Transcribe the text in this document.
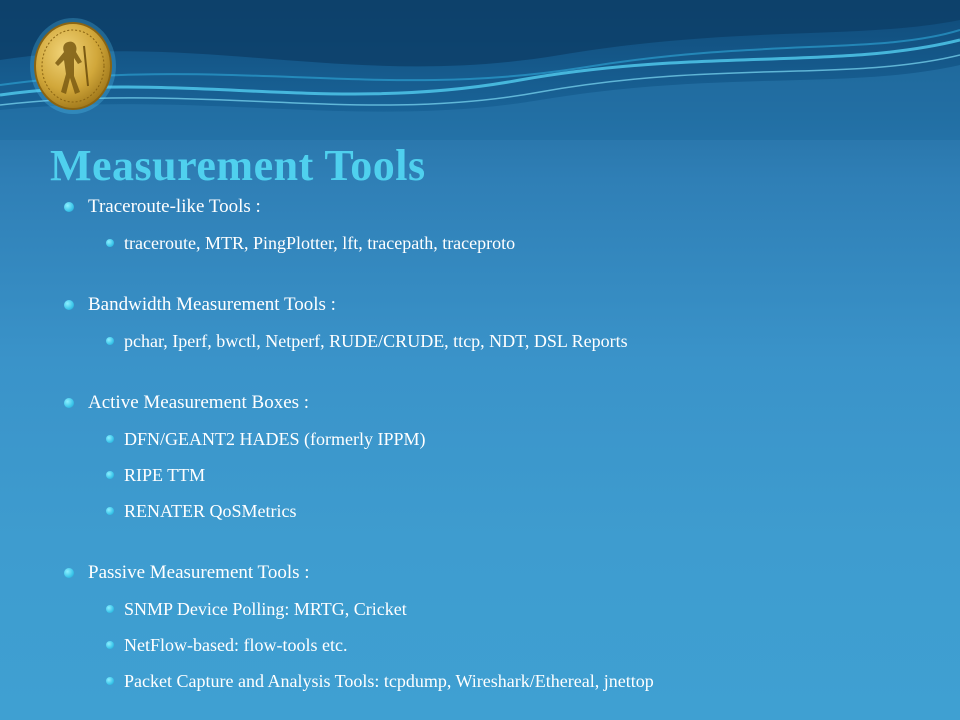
Measurement Tools
Traceroute-like Tools :
traceroute, MTR, PingPlotter, lft, tracepath, traceproto
Bandwidth Measurement Tools :
pchar, Iperf, bwctl, Netperf, RUDE/CRUDE, ttcp, NDT, DSL Reports
Active Measurement Boxes :
DFN/GEANT2 HADES (formerly IPPM)
RIPE TTM
RENATER QoSMetrics
Passive Measurement Tools :
SNMP Device Polling: MRTG, Cricket
NetFlow-based: flow-tools etc.
Packet Capture and Analysis Tools: tcpdump, Wireshark/Ethereal, jnettop
